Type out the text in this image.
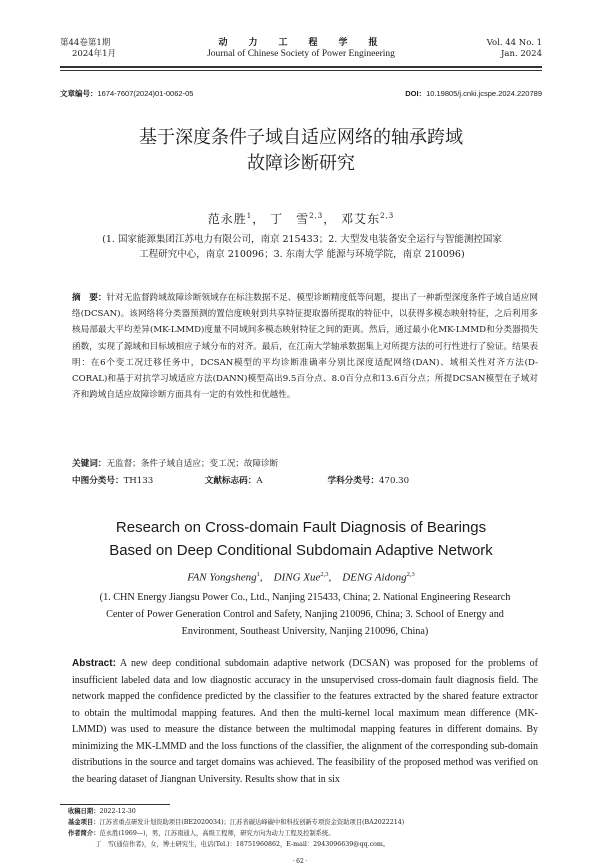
第44卷第1期
2024年1月
动　力　工　程　学　报
Journal of Chinese Society of Power Engineering
Vol. 44 No. 1
Jan. 2024
文章编号：1674-7607(2024)01-0062-05	DOI：10.19805/j.cnki.jcspe.2024.220789
基于深度条件子域自适应网络的轴承跨域
故障诊断研究
范永胜$^1$， 丁　雪$^{2,3}$， 邓艾东$^{2,3}$
(1. 国家能源集团江苏电力有限公司，南京 215433；2. 大型发电装备安全运行与智能测控国家
工程研究中心，南京 210096；3. 东南大学 能源与环境学院，南京 210096)
摘　要：针对无监督跨域故障诊断领域存在标注数据不足、模型诊断精度低等问题，提出了一种新型深度条件子域自适应网络(DCSAN)。该网络将分类器预测的置信度映射到共享特征提取器所提取的特征中，以获得多模态映射特征，之后利用多核局部最大平均差异(MK-LMMD)度量不同域间多模态映射特征之间的距离。然后，通过最小化MK-LMMD和分类器损失函数，实现了源域和目标域相应子域分布的对齐。最后，在江南大学轴承数据集上对所提方法的可行性进行了验证。结果表明：在6个变工况迁移任务中，DCSAN模型的平均诊断准确率分别比深度适配网络(DAN)、域相关性对齐方法(D-CORAL)和基于对抗学习域适应方法(DANN)模型高出9.5百分点、8.0百分点和13.6百分点；所提DCSAN模型在子域对齐和跨域自适应故障诊断方面具有一定的有效性和优越性。
关键词：无监督；条件子域自适应；变工况；故障诊断
中图分类号：TH133	文献标志码：A	学科分类号：470.30
Research on Cross-domain Fault Diagnosis of Bearings
Based on Deep Conditional Subdomain Adaptive Network
FAN Yongsheng$^1$,    DING Xue$^{2,3}$,    DENG Aidong$^{2,3}$
(1. CHN Energy Jiangsu Power Co., Ltd., Nanjing 215433, China; 2. National Engineering Research
Center of Power Generation Control and Safety, Nanjing 210096, China; 3. School of Energy and
Environment, Southeast University, Nanjing 210096, China)
Abstract: A new deep conditional subdomain adaptive network (DCSAN) was proposed for the problems of insufficient labeled data and low diagnostic accuracy in the unsupervised cross-domain fault diagnosis field. The network mapped the confidence predicted by the classifier to the features extracted by the shared feature extractor to obtain the multimodal mapping features. And then the multi-kernel local maximum mean difference (MK-LMMD) was used to measure the distance between the multimodal mapping features in different domains. By minimizing the MK-LMMD and the loss functions of the classifier, the alignment of the corresponding sub-domain distributions in the source and target domains was achieved. The feasibility of the proposed method was verified on the bearing dataset of Jiangnan University. Results show that in six
收稿日期：2022-12-30
基金项目：江苏省重点研发计划资助项目(BE2020034)；江苏省碳达峰碳中和科技创新专项资金资助项目(BA2022214)
作者简介：范永胜(1969—)，男，江苏南通人，高级工程师，研究方向为动力工程及控制系统。
丁　雪(通信作者)，女，博士研究生，电话(Tel.)：18751960862，E-mail：2943096639@qq.com。
· 62 ·
